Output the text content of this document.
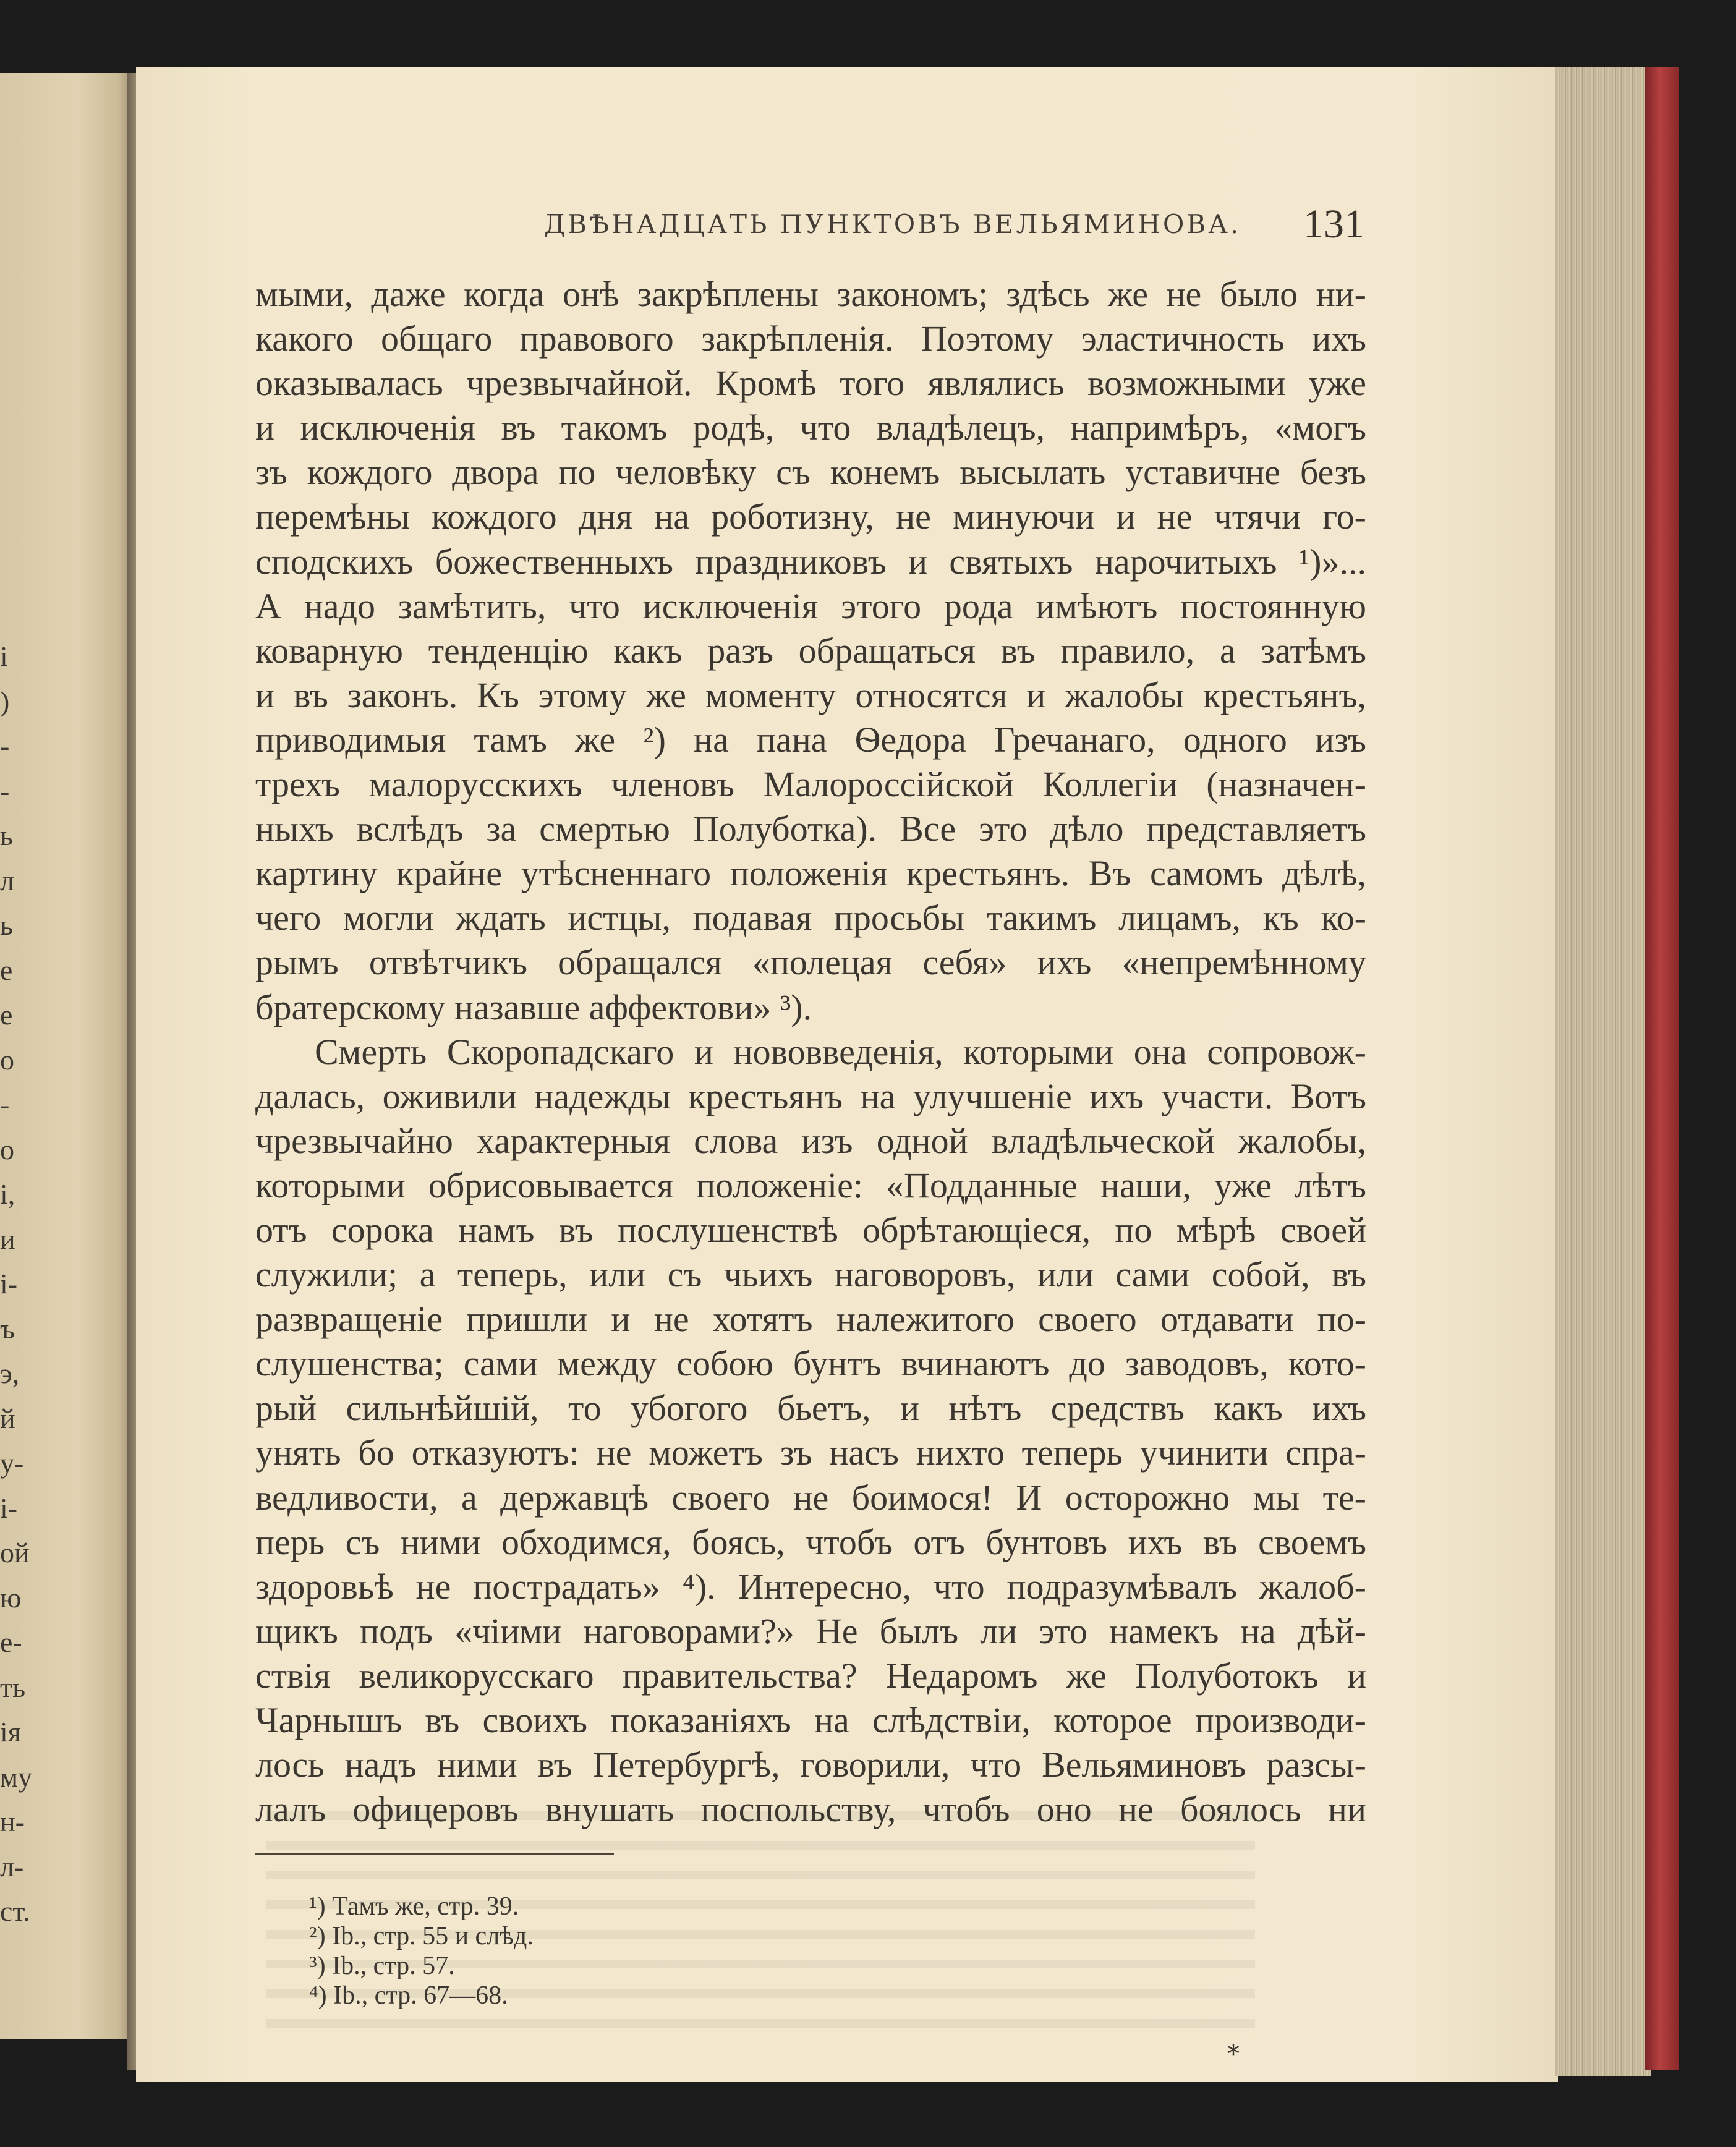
і
)
-
-
ь
л
ь
е
е
о
-
о
і,
и
і-
ъ
э,
й
у-
і-
ой
ю
е-
ть
ія
му
н-
л-
ст.
ДВѢНАДЦАТЬ ПУНКТОВЪ ВЕЛЬЯМИНОВА. 131
мыми, даже когда онѣ закрѣплены закономъ; здѣсь же не было ни-
какого общаго правового закрѣпленія. Поэтому эластичность ихъ
оказывалась чрезвычайной. Кромѣ того являлись возможными уже
и исключенія въ такомъ родѣ, что владѣлецъ, напримѣръ, «могъ
зъ кождого двора по человѣку съ конемъ высылать уставичне безъ
перемѣны кождого дня на роботизну, не минуючи и не чтячи го-
сподскихъ божественныхъ праздниковъ и святыхъ нарочитыхъ ¹)»...
А надо замѣтить, что исключенія этого рода имѣютъ постоянную
коварную тенденцію какъ разъ обращаться въ правило, а затѣмъ
и въ законъ. Къ этому же моменту относятся и жалобы крестьянъ,
приводимыя тамъ же ²) на пана Ѳедора Гречанаго, одного изъ
трехъ малорусскихъ членовъ Малороссійской Коллегіи (назначен-
ныхъ вслѣдъ за смертью Полуботка). Все это дѣло представляетъ
картину крайне утѣсненнаго положенія крестьянъ. Въ самомъ дѣлѣ,
чего могли ждать истцы, подавая просьбы такимъ лицамъ, къ ко-
рымъ отвѣтчикъ обращался «полецая себя» ихъ «непремѣнному
братерскому назавше аффектови» ³).
Смерть Скоропадскаго и нововведенія, которыми она сопровож-
далась, оживили надежды крестьянъ на улучшеніе ихъ участи. Вотъ
чрезвычайно характерныя слова изъ одной владѣльческой жалобы,
которыми обрисовывается положеніе: «Подданные наши, уже лѣтъ
отъ сорока намъ въ послушенствѣ обрѣтающіеся, по мѣрѣ своей
служили; а теперь, или съ чьихъ наговоровъ, или сами собой, въ
развращеніе пришли и не хотятъ належитого своего отдавати по-
слушенства; сами между собою бунтъ вчинаютъ до заводовъ, кото-
рый сильнѣйшій, то убогого бьетъ, и нѣтъ средствъ какъ ихъ
унять бо отказуютъ: не можетъ зъ насъ нихто теперь учинити спра-
ведливости, а державцѣ своего не боимося! И осторожно мы те-
перь съ ними обходимся, боясь, чтобъ отъ бунтовъ ихъ въ своемъ
здоровьѣ не пострадать» ⁴). Интересно, что подразумѣвалъ жалоб-
щикъ подъ «чіими наговорами?» Не былъ ли это намекъ на дѣй-
ствія великорусскаго правительства? Недаромъ же Полуботокъ и
Чарнышъ въ своихъ показаніяхъ на слѣдствіи, которое производи-
лось надъ ними въ Петербургѣ, говорили, что Вельяминовъ разсы-
лалъ офицеровъ внушать поспольству, чтобъ оно не боялось ни
¹) Тамъ же, стр. 39.
²) Ib., стр. 55 и слѣд.
³) Ib., стр. 57.
⁴) Ib., стр. 67—68.
*
